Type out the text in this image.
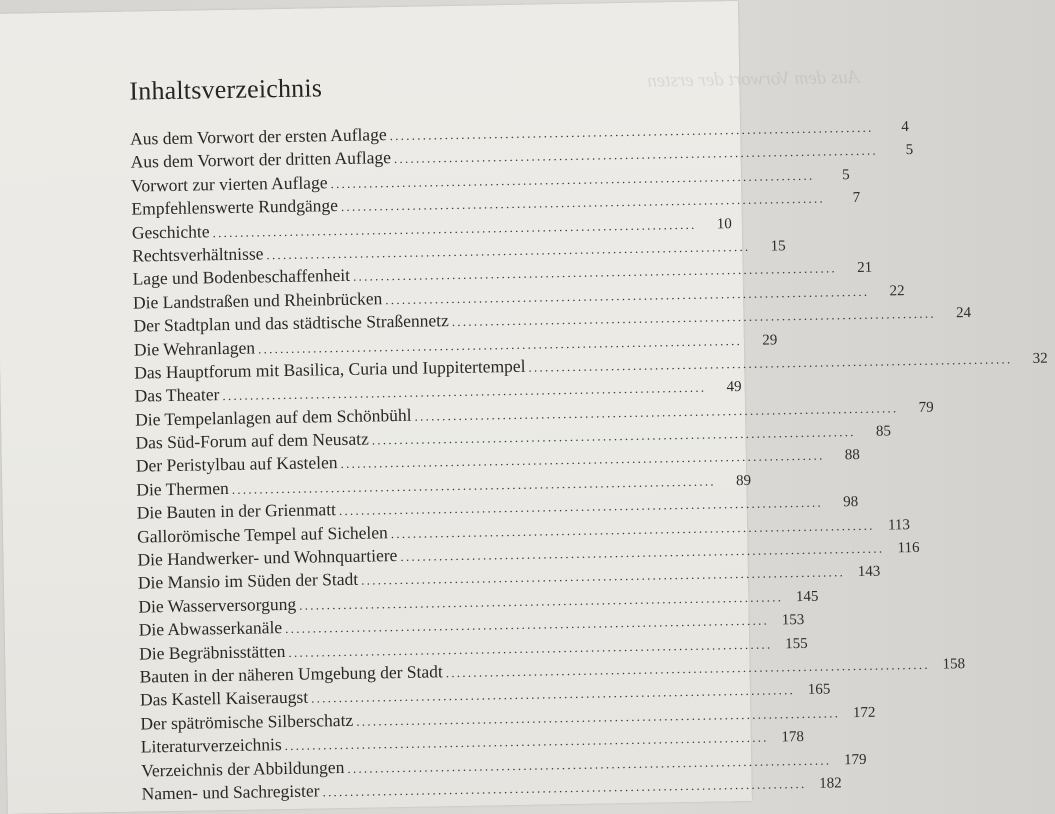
Aus dem Vorwort der ersten
Inhaltsverzeichnis
Aus dem Vorwort der ersten Auflage . . .	4
Aus dem Vorwort der dritten Auflage . . .	5
Vorwort zur vierten Auflage . . .	5
Empfehlenswerte Rundgänge . . .	7
Geschichte . . .	10
Rechtsverhältnisse . . .	15
Lage und Bodenbeschaffenheit . . .	21
Die Landstraßen und Rheinbrücken . . .	22
Der Stadtplan und das städtische Straßennetz . . .	24
Die Wehranlagen . . .	29
Das Hauptforum mit Basilica, Curia und Iuppitertempel . . .	32
Das Theater . . .	49
Die Tempelanlagen auf dem Schönbühl . . .	79
Das Süd-Forum auf dem Neusatz . . .	85
Der Peristylbau auf Kastelen . . .	88
Die Thermen . . .	89
Die Bauten in der Grienmatt . . .	98
Gallorömische Tempel auf Sichelen . . .	113
Die Handwerker- und Wohnquartiere . . .	116
Die Mansio im Süden der Stadt . . .	143
Die Wasserversorgung . . .	145
Die Abwasserkanäle . . .	153
Die Begräbnisstätten . . .	155
Bauten in der näheren Umgebung der Stadt . . .	158
Das Kastell Kaiseraugst . . .	165
Der spätrömische Silberschatz . . .	172
Literaturverzeichnis . . .	178
Verzeichnis der Abbildungen . . .	179
Namen- und Sachregister . . .	182
